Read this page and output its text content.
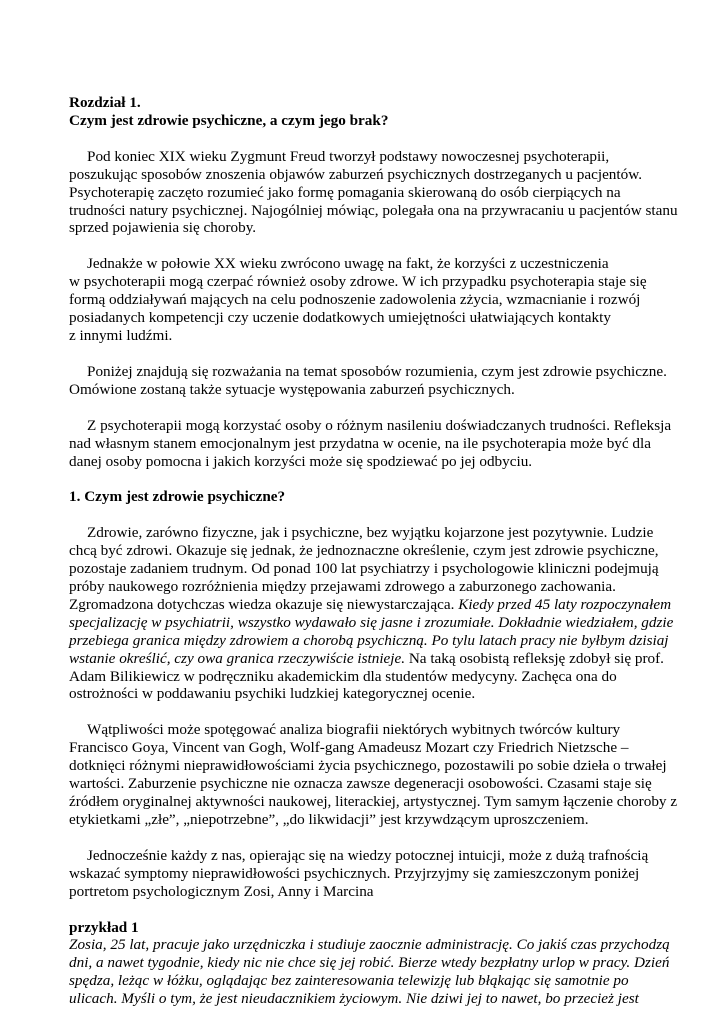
Rozdział 1.
Czym jest zdrowie psychiczne, a czym jego brak?

Pod koniec XIX wieku Zygmunt Freud tworzył podstawy nowoczesnej psychoterapii,
poszukując sposobów znoszenia objawów zaburzeń psychicznych dostrzeganych u pacjentów.
Psychoterapię zaczęto rozumieć jako formę pomagania skierowaną do osób cierpiących na
trudności natury psychicznej. Najogólniej mówiąc, polegała ona na przywracaniu u pacjentów stanu
sprzed pojawienia się choroby.

Jednakże w połowie XX wieku zwrócono uwagę na fakt, że korzyści z uczestniczenia
w psychoterapii mogą czerpać również osoby zdrowe. W ich przypadku psychoterapia staje się
formą oddziaływań mających na celu podnoszenie zadowolenia zżycia, wzmacnianie i rozwój
posiadanych kompetencji czy uczenie dodatkowych umiejętności ułatwiających kontakty
z innymi ludźmi.

Poniżej znajdują się rozważania na temat sposobów rozumienia, czym jest zdrowie psychiczne.
Omówione zostaną także sytuacje występowania zaburzeń psychicznych.

Z psychoterapii mogą korzystać osoby o różnym nasileniu doświadczanych trudności. Refleksja
nad własnym stanem emocjonalnym jest przydatna w ocenie, na ile psychoterapia może być dla
danej osoby pomocna i jakich korzyści może się spodziewać po jej odbyciu.

1. Czym jest zdrowie psychiczne?

Zdrowie, zarówno fizyczne, jak i psychiczne, bez wyjątku kojarzone jest pozytywnie. Ludzie
chcą być zdrowi. Okazuje się jednak, że jednoznaczne określenie, czym jest zdrowie psychiczne,
pozostaje zadaniem trudnym. Od ponad 100 lat psychiatrzy i psychologowie kliniczni podejmują
próby naukowego rozróżnienia między przejawami zdrowego a zaburzonego zachowania.
Zgromadzona dotychczas wiedza okazuje się niewystarczająca. Kiedy przed 45 laty rozpoczynałem
specjalizację w psychiatrii, wszystko wydawało się jasne i zrozumiałe. Dokładnie wiedziałem, gdzie
przebiega granica między zdrowiem a chorobą psychiczną. Po tylu latach pracy nie byłbym dzisiaj
wstanie określić, czy owa granica rzeczywiście istnieje. Na taką osobistą refleksję zdobył się prof.
Adam Bilikiewicz w podręczniku akademickim dla studentów medycyny. Zachęca ona do
ostrożności w poddawaniu psychiki ludzkiej kategorycznej ocenie.

Wątpliwości może spotęgować analiza biografii niektórych wybitnych twórców kultury
Francisco Goya, Vincent van Gogh, Wolf-gang Amadeusz Mozart czy Friedrich Nietzsche –
dotknięci różnymi nieprawidłowościami życia psychicznego, pozostawili po sobie dzieła o trwałej
wartości. Zaburzenie psychiczne nie oznacza zawsze degeneracji osobowości. Czasami staje się
źródłem oryginalnej aktywności naukowej, literackiej, artystycznej. Tym samym łączenie choroby z
etykietkami „złe”, „niepotrzebne”, „do likwidacji” jest krzywdzącym uproszczeniem.

Jednocześnie każdy z nas, opierając się na wiedzy potocznej intuicji, może z dużą trafnością
wskazać symptomy nieprawidłowości psychicznych. Przyjrzyjmy się zamieszczonym poniżej
portretom psychologicznym Zosi, Anny i Marcina

przykład 1
Zosia, 25 lat, pracuje jako urzędniczka i studiuje zaocznie administrację. Co jakiś czas przychodzą
dni, a nawet tygodnie, kiedy nic nie chce się jej robić. Bierze wtedy bezpłatny urlop w pracy. Dzień
spędza, leżąc w łóżku, oglądając bez zainteresowania telewizję lub błąkając się samotnie po
ulicach. Myśli o tym, że jest nieudacznikiem życiowym. Nie dziwi jej to nawet, bo przecież jest
